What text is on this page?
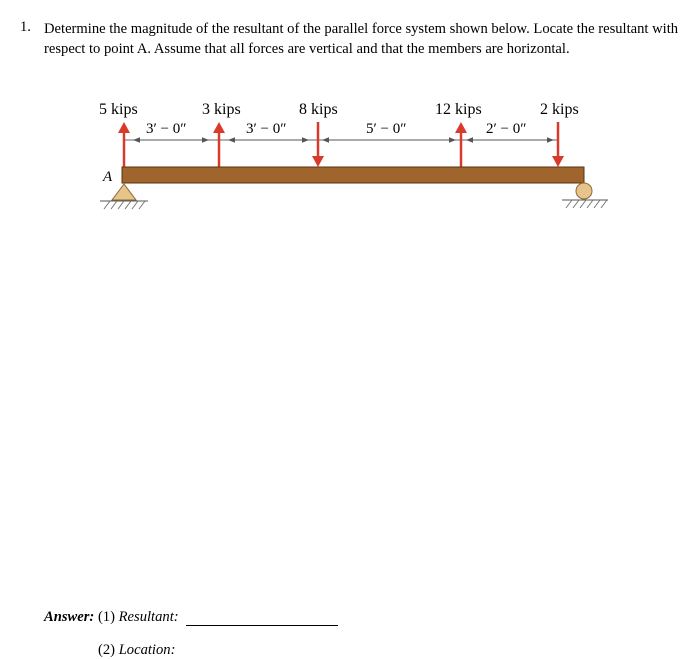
1. Determine the magnitude of the resultant of the parallel force system shown below. Locate the resultant with respect to point A. Assume that all forces are vertical and that the members are horizontal.
5 kips	3 kips	8 kips	12 kips	2 kips
3′ − 0″	3′ − 0″	5′ − 0″	2′ − 0″
A
Answer: (1) Resultant:
(2) Location:
